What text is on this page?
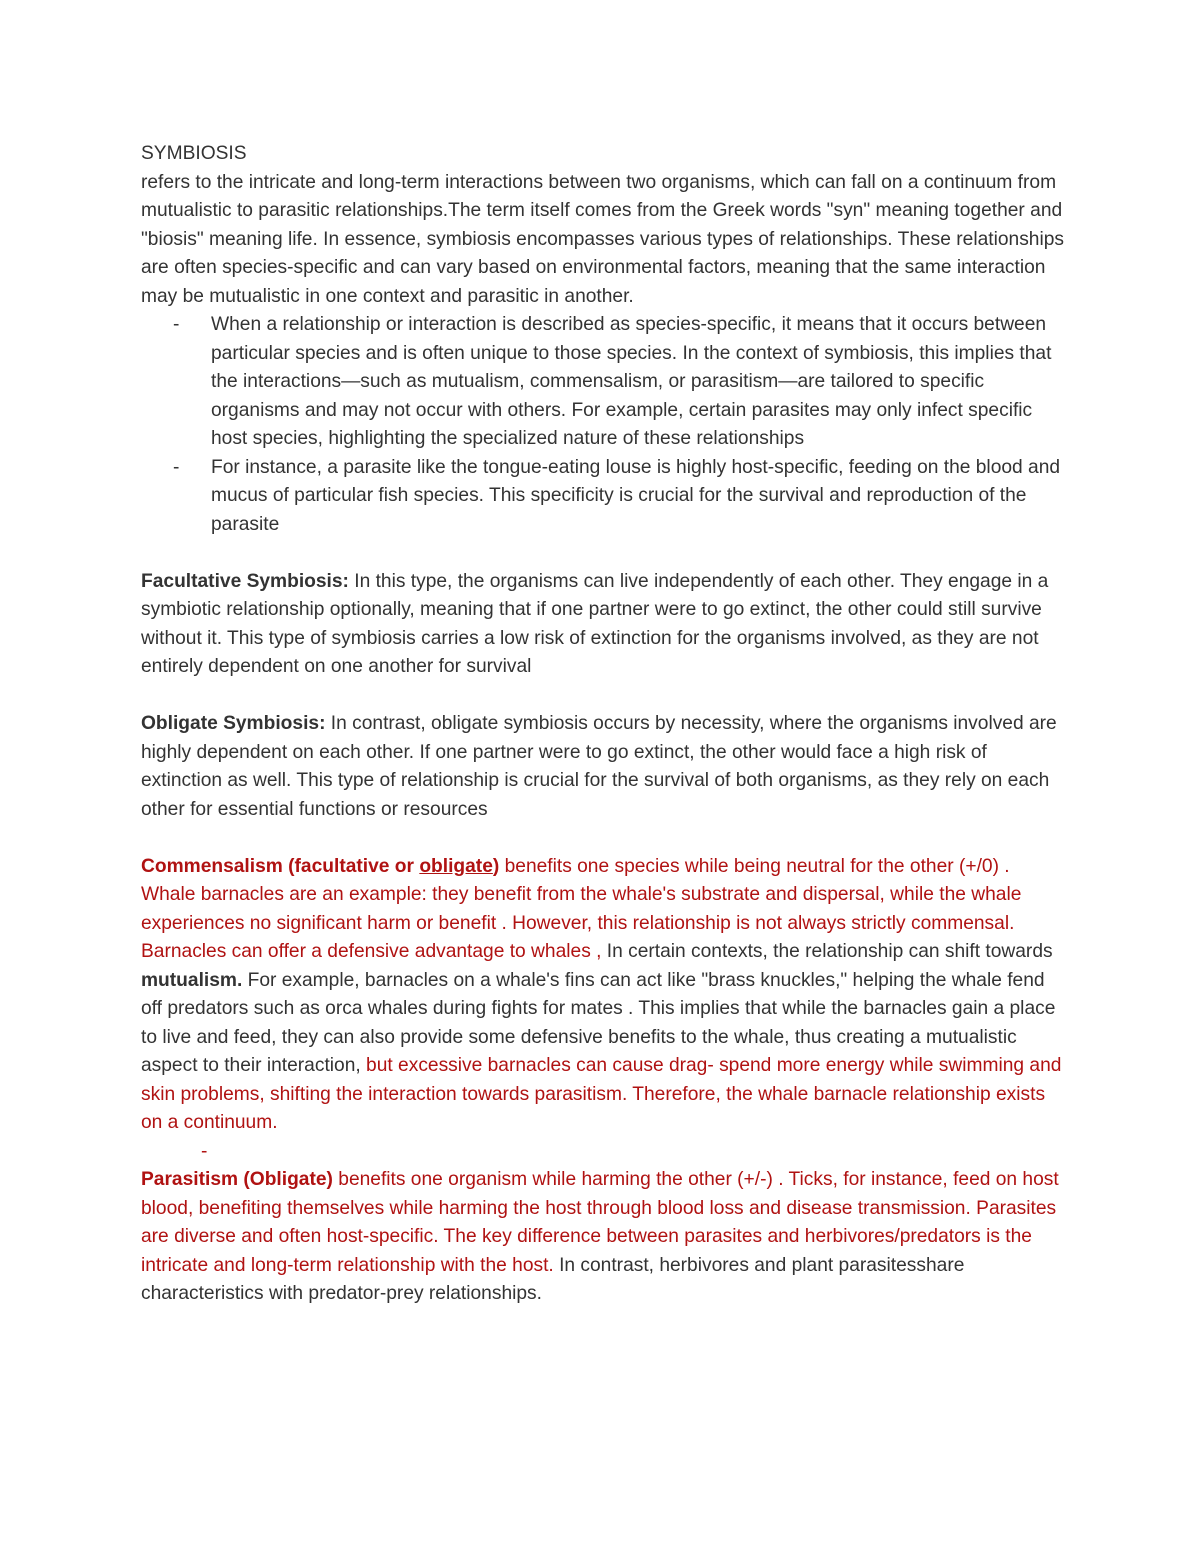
SYMBIOSIS

refers to the intricate and long-term interactions between two organisms, which can fall on a continuum from mutualistic to parasitic relationships.The term itself comes from the Greek words "syn" meaning together and "biosis" meaning life. In essence, symbiosis encompasses various types of relationships. These relationships are often species-specific and can vary based on environmental factors, meaning that the same interaction may be mutualistic in one context and parasitic in another.

- When a relationship or interaction is described as species-specific, it means that it occurs between particular species and is often unique to those species. In the context of symbiosis, this implies that the interactions—such as mutualism, commensalism, or parasitism—are tailored to specific organisms and may not occur with others. For example, certain parasites may only infect specific host species, highlighting the specialized nature of these relationships
- For instance, a parasite like the tongue-eating louse is highly host-specific, feeding on the blood and mucus of particular fish species. This specificity is crucial for the survival and reproduction of the parasite

Facultative Symbiosis: In this type, the organisms can live independently of each other. They engage in a symbiotic relationship optionally, meaning that if one partner were to go extinct, the other could still survive without it. This type of symbiosis carries a low risk of extinction for the organisms involved, as they are not entirely dependent on one another for survival

Obligate Symbiosis: In contrast, obligate symbiosis occurs by necessity, where the organisms involved are highly dependent on each other. If one partner were to go extinct, the other would face a high risk of extinction as well. This type of relationship is crucial for the survival of both organisms, as they rely on each other for essential functions or resources

Commensalism (facultative or obligate) benefits one species while being neutral for the other (+/0) . Whale barnacles are an example: they benefit from the whale's substrate and dispersal, while the whale experiences no significant harm or benefit . However, this relationship is not always strictly commensal. Barnacles can offer a defensive advantage to whales , In certain contexts, the relationship can shift towards mutualism. For example, barnacles on a whale's fins can act like "brass knuckles," helping the whale fend off predators such as orca whales during fights for mates . This implies that while the barnacles gain a place to live and feed, they can also provide some defensive benefits to the whale, thus creating a mutualistic aspect to their interaction, but excessive barnacles can cause drag- spend more energy while swimming and skin problems, shifting the interaction towards parasitism. Therefore, the whale barnacle relationship exists on a continuum.

-

Parasitism (Obligate) benefits one organism while harming the other (+/-) . Ticks, for instance, feed on host blood, benefiting themselves while harming the host through blood loss and disease transmission. Parasites are diverse and often host-specific. The key difference between parasites and herbivores/predators is the intricate and long-term relationship with the host. In contrast, herbivores and plant parasitesshare characteristics with predator-prey relationships.
